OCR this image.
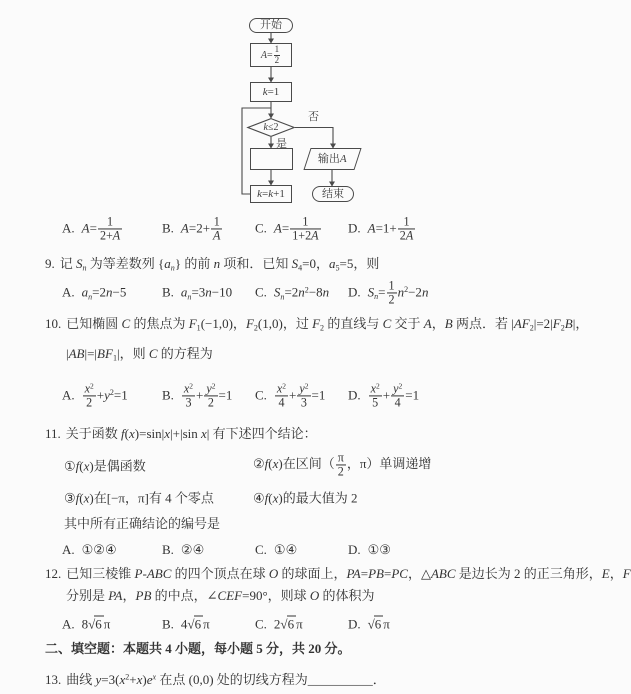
开始
$A= \frac{1}{2}$
k=1
k ≤2
否
是
k=k+1
输出A
结束
A. $A= \frac{1}{2+A}$	B. $A=2+ \frac{1}{A}$	C. $A= \frac{1}{1+2A} D$. $A=1+ \frac{1}{2A}$
9. 记 Sn 为等差数列 {an} 的前 n 项和．已知 S4=0，a5=5，则
A. an=2n−5	B. an=3n−10 C. $Sn=2n^2-8n$ D. $Sn= \frac{1}{2} n^2-2n$
10. 已知椭圆 C 的焦点为 F1(−1,0)，F2(1,0)，过 F2 的直线与 C 交于 A，B 两点．若 |AF2|=2|F2B|，
|AB|=|BF1|，则 C 的方程为
A. $\frac{x^2}{2} +y^2=1$	B. $\frac{x^2}{3} + \frac{y^2}{2} =1$ C. $\frac{x^2}{4} + \frac{y^2}{3} =1$ D. $\frac{x^2}{5} + \frac{y^2}{4} =1$
11. 关于函数 f(x)=sin|x|+|sin x| 有下述四个结论：
①f(x)是偶函数	②f(x)在区间（ $\frac{\pi}{2}$ ，π）单调递增
③f(x)在[−π，π]有 4 个零点	④f(x)的最大值为 2
其中所有正确结论的编号是
A. ①②④	B. ②④	C. ①④	D. ①③
12. 已知三棱锥 P-ABC 的四个顶点在球 O 的球面上，PA=PB=PC，△ABC 是边长为 2 的正三角形，E，F
分别是 PA，PB 的中点，∠CEF=90°，则球 O 的体积为
A. 8√6 π	B. 4√6 π	C. 2√6 π	D. √6 π
二、填空题：本题共 4 小题，每小题 5 分，共 20 分。
13. 曲线 $y=3(x^2+x)e^x$ 在点 (0,0) 处的切线方程为__________．
